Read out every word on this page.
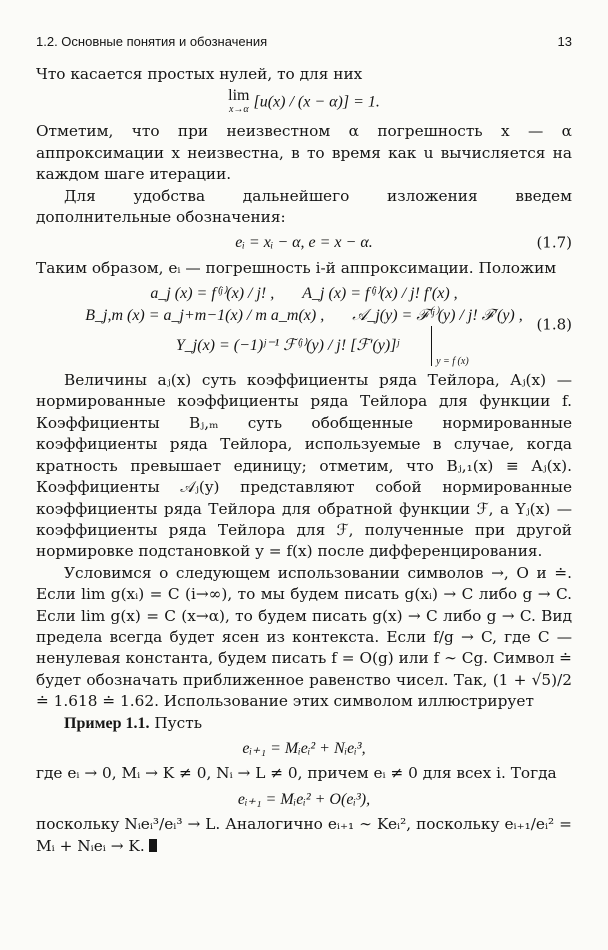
1.2. Основные понятия и обозначения	13

Что касается простых нулей, то для них

lim
x→α [u(x) / (x − α)] = 1.

Отметим, что при неизвестном α погрешность x — α аппроксимации x неизвестна, в то время как u вычисляется на каждом шаге итерации.

Для удобства дальнейшего изложения введем дополнительные обозначения:

eᵢ = xᵢ − α, e = x − α.	(1.7)

Таким образом, eᵢ — погрешность i-й аппроксимации. Положим

a_j (x) = f⁽ʲ⁾(x) / j! , A_j (x) = f⁽ʲ⁾(x) / j! f′(x) ,
B_j,m (x) = a_j+m−1(x) / m a_m(x) , 𝒜_j(y) = ℱ⁽ʲ⁾(y) / j! ℱ′(y) ,
Y_j(x) = (−1)ʲ⁻¹ ℱ⁽ʲ⁾(y) / j! [ℱ′(y)]ʲ
y = f (x)
(1.8)

Величины aⱼ(x) суть коэффициенты ряда Тейлора, Aⱼ(x) — нормированные коэффициенты ряда Тейлора для функции f. Коэффициенты Bⱼ,ₘ суть обобщенные нормированные коэффициенты ряда Тейлора, используемые в случае, когда кратность превышает единицу; отметим, что Bⱼ,₁(x) ≡ Aⱼ(x). Коэффициенты 𝒜ⱼ(y) представляют собой нормированные коэффициенты ряда Тейлора для обратной функции ℱ, а Yⱼ(x) — коэффициенты ряда Тейлора для ℱ, полученные при другой нормировке подстановкой y = f(x) после дифференцирования.

Условимся о следующем использовании символов →, O и ≐. Если lim g(xᵢ) = C (i→∞), то мы будем писать g(xᵢ) → C либо g → C. Если lim g(x) = C (x→α), то будем писать g(x) → C либо g → C. Вид предела всегда будет ясен из контекста. Если f/g → C, где C — ненулевая константа, будем писать f = O(g) или f ∼ Cg. Символ ≐ будет обозначать приближенное равенство чисел. Так, (1 + √5)/2 ≐ 1.618 ≐ 1.62. Использование этих символом иллюстрирует

Пример 1.1. Пусть

eᵢ₊₁ = Mᵢeᵢ² + Nᵢeᵢ³,

где eᵢ → 0, Mᵢ → K ≠ 0, Nᵢ → L ≠ 0, причем eᵢ ≠ 0 для всех i. Тогда

eᵢ₊₁ = Mᵢeᵢ² + O(eᵢ³),

поскольку Nᵢeᵢ³/eᵢ³ → L. Аналогично eᵢ₊₁ ∼ Keᵢ², поскольку eᵢ₊₁/eᵢ² = Mᵢ + Nᵢeᵢ → K.
